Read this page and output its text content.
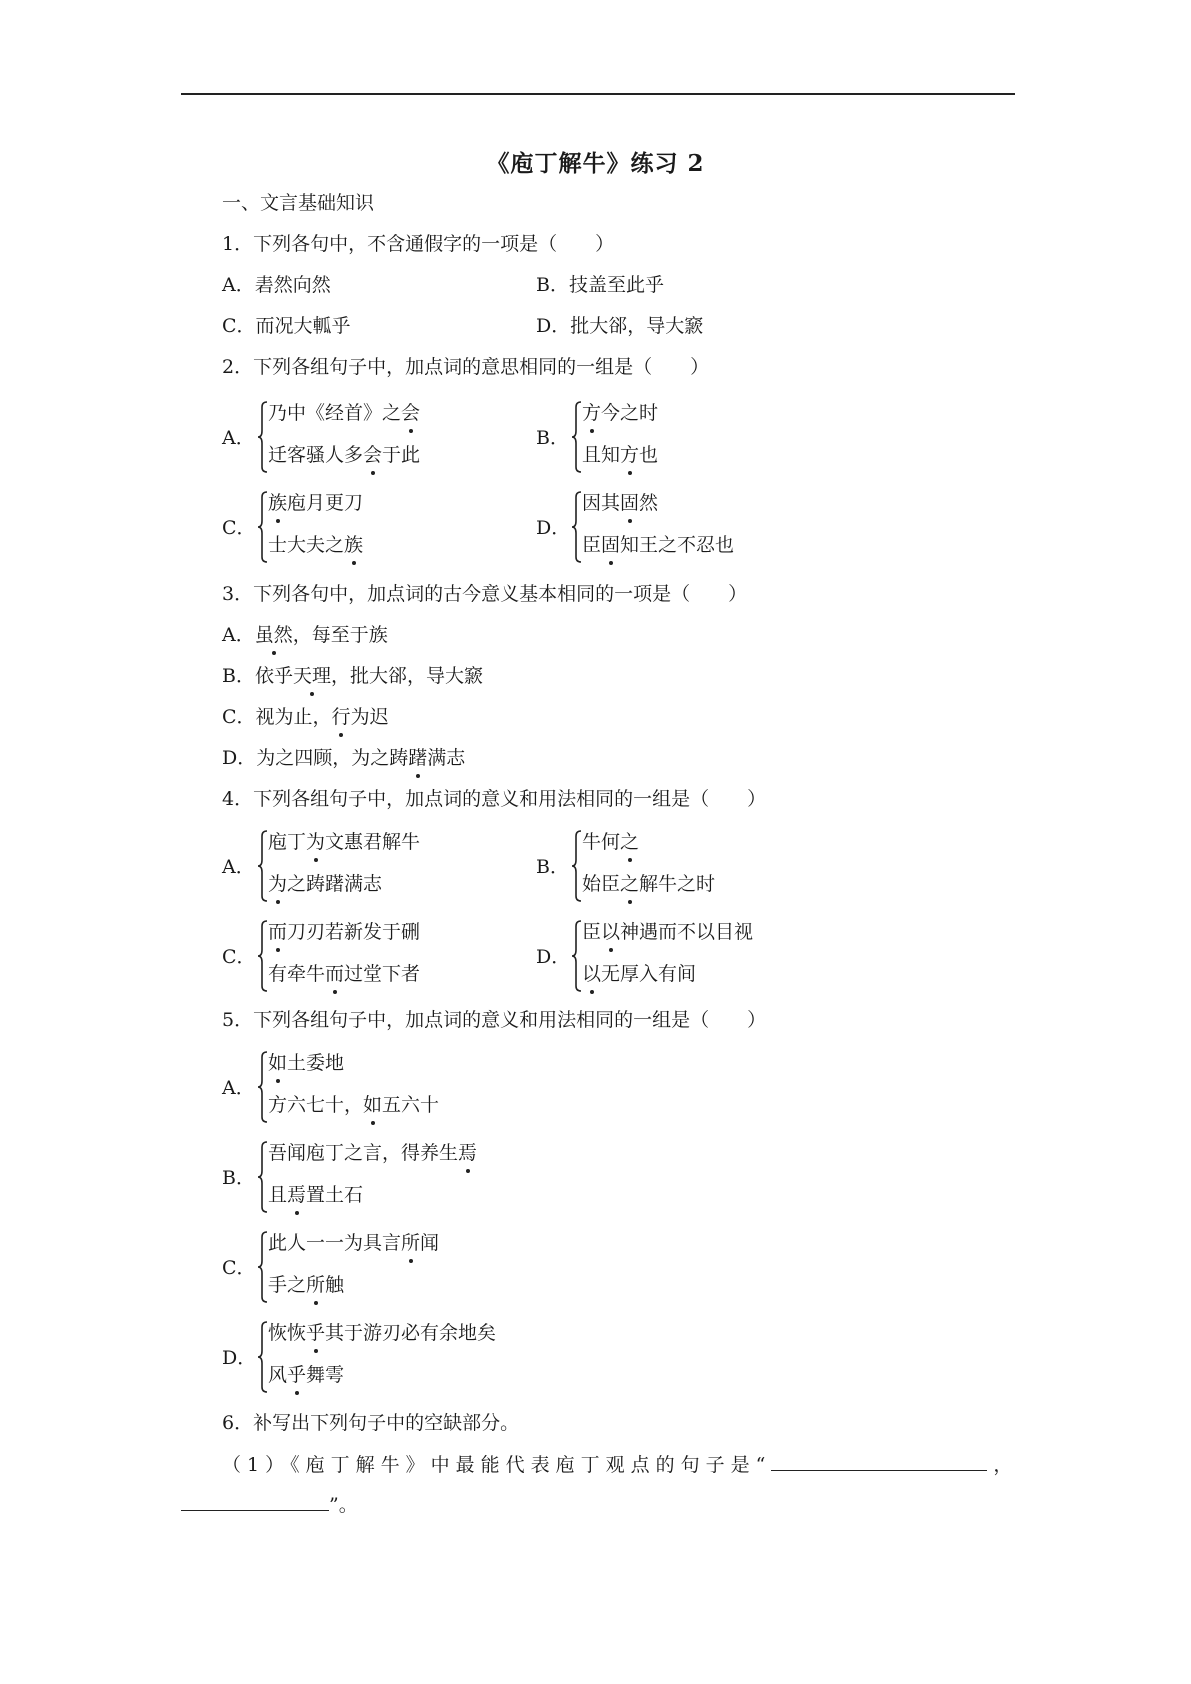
《庖丁解牛》练习 2
一、文言基础知识
1．下列各句中，不含通假字的一项是（　　）
A．砉然向然	B．技盖至此乎
C．而况大軱乎	D．批大郤，导大窾
2．下列各组句子中，加点词的意思相同的一组是（　　）
A．
乃中《经首》之会
迁客骚人多会于此
B．
方今之时
且知方也
C．
族庖月更刀
士大夫之族
D．
因其固然
臣固知王之不忍也
3．下列各句中，加点词的古今意义基本相同的一项是（　　）
A．虽然，每至于族
B．依乎天理，批大郤，导大窾
C．视为止，行为迟
D．为之四顾，为之踌躇满志
4．下列各组句子中，加点词的意义和用法相同的一组是（　　）
A．
庖丁为文惠君解牛
为之踌躇满志
B．
牛何之
始臣之解牛之时
C．
而刀刃若新发于硎
有牵牛而过堂下者
D．
臣以神遇而不以目视
以无厚入有间
5．下列各组句子中，加点词的意义和用法相同的一组是（　　）
A．
如土委地
方六七十，如五六十
B．
吾闻庖丁之言，得养生焉
且焉置土石
C．
此人一一为具言所闻
手之所触
D．
恢恢乎其于游刃必有余地矣
风乎舞雩
6．补写出下列句子中的空缺部分。
（1）《庖丁解牛》中最能代表庖丁观点的句子是“	，
”。
